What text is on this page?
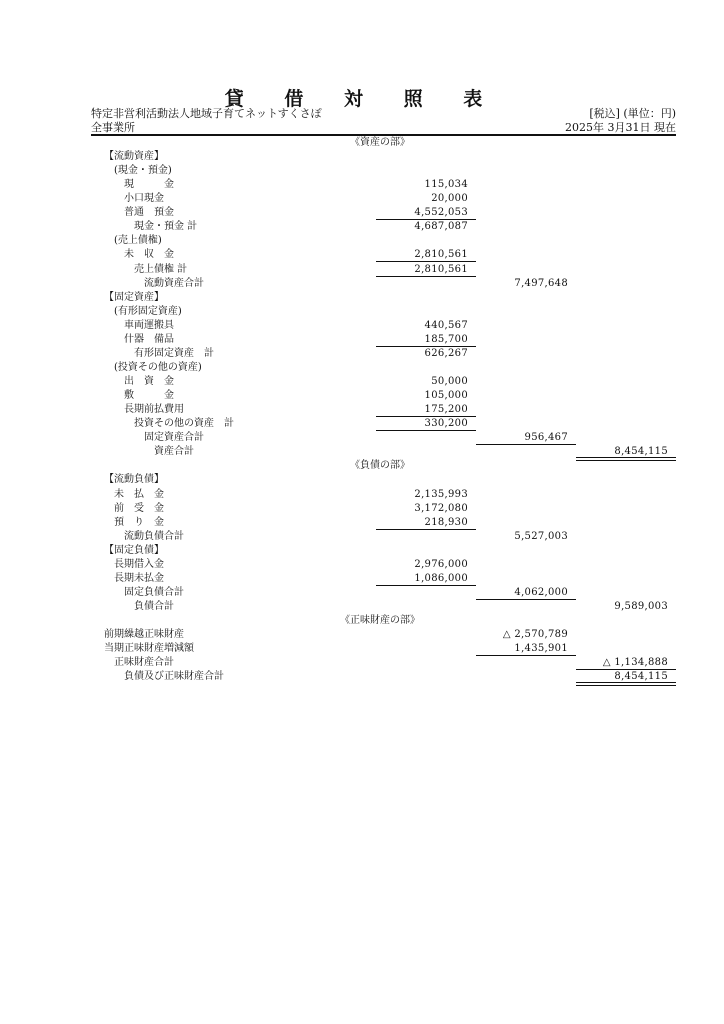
貸 借 対 照 表
特定非営利活動法人地域子育てネットすくさぽ	[税込] (単位：円)
全事業所	2025年 3月31日 現在
《資産の部》
【流動資産】
(現金・預金)
現　　　金	115,034
小口現金	20,000
普通　預金	4,552,053
現金・預金 計	4,687,087
(売上債権)
未　収　金	2,810,561
売上債権 計	2,810,561
流動資産合計	7,497,648
【固定資産】
(有形固定資産)
車両運搬具	440,567
什器　備品	185,700
有形固定資産　計	626,267
(投資その他の資産)
出　資　金	50,000
敷　　　金	105,000
長期前払費用	175,200
投資その他の資産　計	330,200
固定資産合計	956,467
資産合計	8,454,115
《負債の部》
【流動負債】
未　払　金	2,135,993
前　受　金	3,172,080
預　り　金	218,930
流動負債合計	5,527,003
【固定負債】
長期借入金	2,976,000
長期未払金	1,086,000
固定負債合計	4,062,000
負債合計	9,589,003
《正味財産の部》
前期繰越正味財産	△ 2,570,789
当期正味財産増減額	1,435,901
正味財産合計	△ 1,134,888
負債及び正味財産合計	8,454,115
